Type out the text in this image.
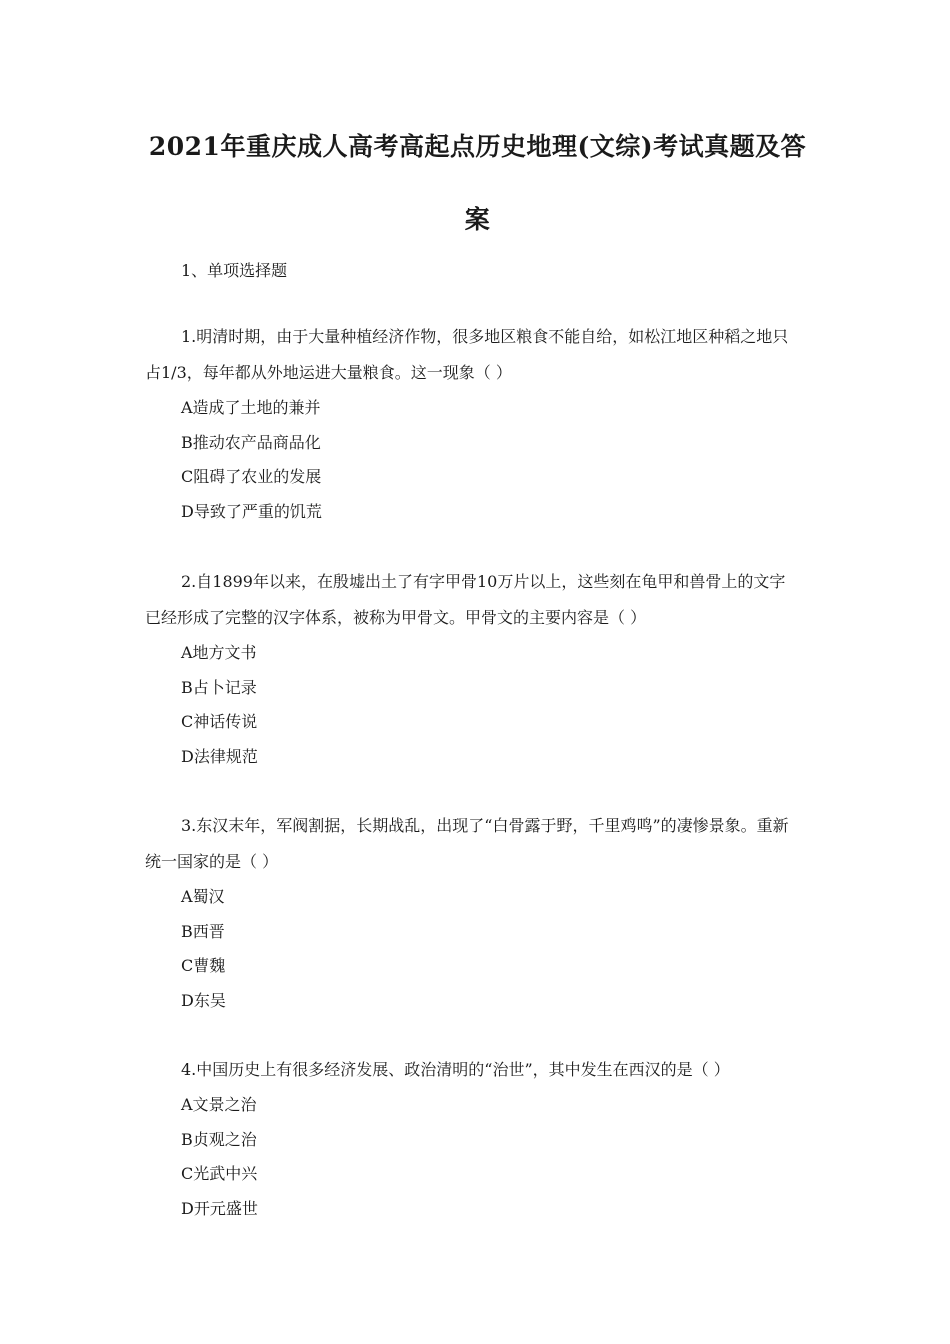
2021年重庆成人高考高起点历史地理(文综)考试真题及答
案
1、单项选择题

1.明清时期，由于大量种植经济作物，很多地区粮食不能自给，如松江地区种稻之地只
占1/3，每年都从外地运进大量粮食。这一现象（ ）

A造成了土地的兼并

B推动农产品商品化

C阻碍了农业的发展

D导致了严重的饥荒

2.自1899年以来，在殷墟出土了有字甲骨10万片以上，这些刻在龟甲和兽骨上的文字
已经形成了完整的汉字体系，被称为甲骨文。甲骨文的主要内容是（ ）

A地方文书

B占卜记录

C神话传说

D法律规范

3.东汉末年，军阀割据，长期战乱，出现了“白骨露于野，千里鸡鸣”的凄惨景象。重新
统一国家的是（ ）

A蜀汉

B西晋

C曹魏

D东吴

4.中国历史上有很多经济发展、政治清明的“治世”，其中发生在西汉的是（ ）

A文景之治

B贞观之治

C光武中兴

D开元盛世
